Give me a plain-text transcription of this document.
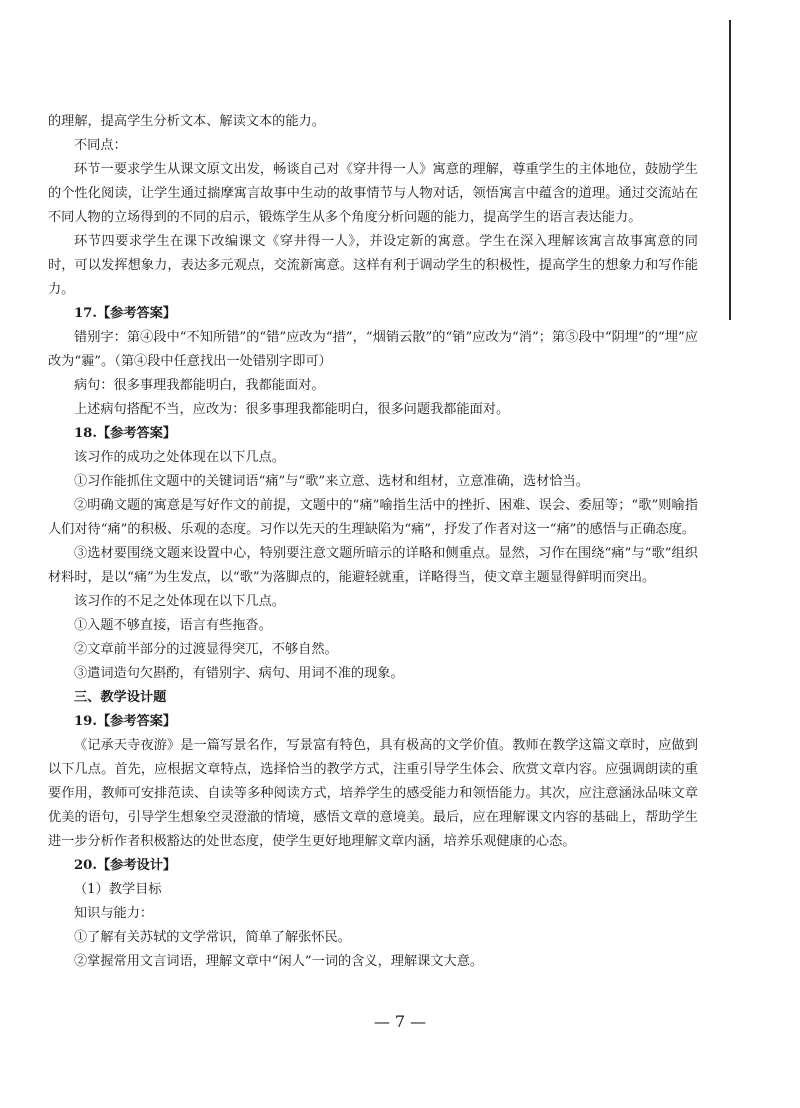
的理解，提高学生分析文本、解读文本的能力。

不同点：

环节一要求学生从课文原文出发，畅谈自己对《穿井得一人》寓意的理解，尊重学生的主体地位，鼓励学生的个性化阅读，让学生通过揣摩寓言故事中生动的故事情节与人物对话，领悟寓言中蕴含的道理。通过交流站在不同人物的立场得到的不同的启示，锻炼学生从多个角度分析问题的能力，提高学生的语言表达能力。

环节四要求学生在课下改编课文《穿井得一人》，并设定新的寓意。学生在深入理解该寓言故事寓意的同时，可以发挥想象力，表达多元观点，交流新寓意。这样有利于调动学生的积极性，提高学生的想象力和写作能力。

17.【参考答案】

错别字：第④段中“不知所错”的“错”应改为“措”，“烟销云散”的“销”应改为“消”；第⑤段中“阴埋”的“埋”应改为“霾”。（第④段中任意找出一处错别字即可）

病句：很多事理我都能明白，我都能面对。

上述病句搭配不当，应改为：很多事理我都能明白，很多问题我都能面对。

18.【参考答案】

该习作的成功之处体现在以下几点。

①习作能抓住文题中的关键词语“痛”与“歌”来立意、选材和组材，立意准确，选材恰当。

②明确文题的寓意是写好作文的前提，文题中的“痛”喻指生活中的挫折、困难、误会、委屈等；“歌”则喻指人们对待“痛”的积极、乐观的态度。习作以先天的生理缺陷为“痛”，抒发了作者对这一“痛”的感悟与正确态度。

③选材要围绕文题来设置中心，特别要注意文题所暗示的详略和侧重点。显然，习作在围绕“痛”与“歌”组织材料时，是以“痛”为生发点，以“歌”为落脚点的，能避轻就重，详略得当，使文章主题显得鲜明而突出。

该习作的不足之处体现在以下几点。

①入题不够直接，语言有些拖沓。

②文章前半部分的过渡显得突兀，不够自然。

③遣词造句欠斟酌，有错别字、病句、用词不准的现象。

三、教学设计题

19.【参考答案】

《记承天寺夜游》是一篇写景名作，写景富有特色，具有极高的文学价值。教师在教学这篇文章时，应做到以下几点。首先，应根据文章特点，选择恰当的教学方式，注重引导学生体会、欣赏文章内容。应强调朗读的重要作用，教师可安排范读、自读等多种阅读方式，培养学生的感受能力和领悟能力。其次，应注意涵泳品味文章优美的语句，引导学生想象空灵澄澈的情境，感悟文章的意境美。最后，应在理解课文内容的基础上，帮助学生进一步分析作者积极豁达的处世态度，使学生更好地理解文章内涵，培养乐观健康的心态。

20.【参考设计】

（1）教学目标

知识与能力：

①了解有关苏轼的文学常识，简单了解张怀民。

②掌握常用文言词语，理解文章中“闲人”一词的含义，理解课文大意。

— 7 —
